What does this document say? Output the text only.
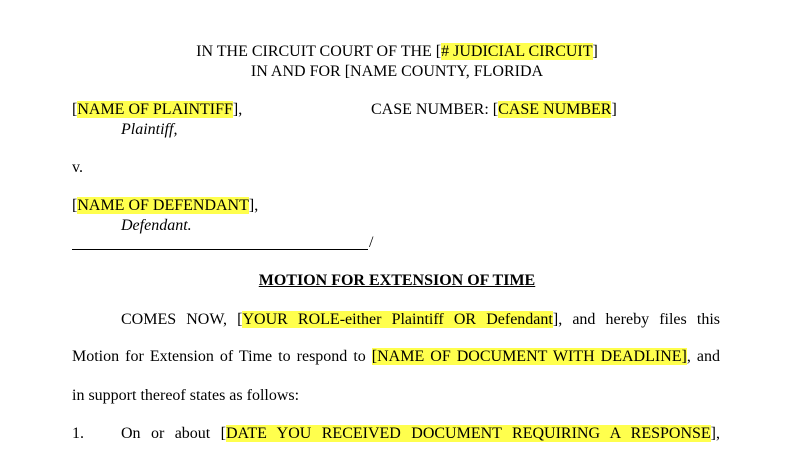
IN THE CIRCUIT COURT OF THE [# JUDICIAL CIRCUIT]
IN AND FOR [NAME COUNTY, FLORIDA
[NAME OF PLAINTIFF],
Plaintiff,
CASE NUMBER: [CASE NUMBER]
v.
[NAME OF DEFENDANT],
Defendant.
/
MOTION FOR EXTENSION OF TIME
COMES NOW, [YOUR ROLE-either Plaintiff OR Defendant], and hereby files this
Motion for Extension of Time to respond to [NAME OF DOCUMENT WITH DEADLINE], and
in support thereof states as follows:
1. On or about [DATE YOU RECEIVED DOCUMENT REQUIRING A RESPONSE],
